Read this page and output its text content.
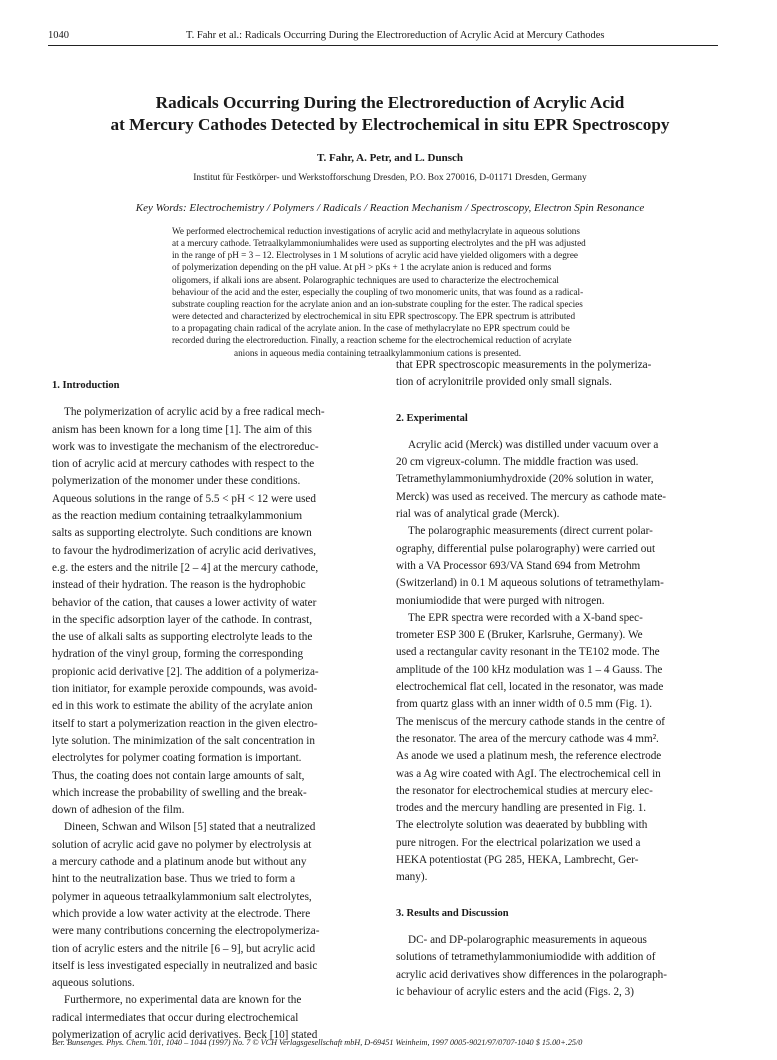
1040	T. Fahr et al.: Radicals Occurring During the Electroreduction of Acrylic Acid at Mercury Cathodes
Radicals Occurring During the Electroreduction of Acrylic Acid
at Mercury Cathodes Detected by Electrochemical in situ EPR Spectroscopy
T. Fahr, A. Petr, and L. Dunsch
Institut für Festkörper- und Werkstofforschung Dresden, P.O. Box 270016, D-01171 Dresden, Germany
Key Words: Electrochemistry / Polymers / Radicals / Reaction Mechanism / Spectroscopy, Electron Spin Resonance
We performed electrochemical reduction investigations of acrylic acid and methylacrylate in aqueous solutions
at a mercury cathode. Tetraalkylammoniumhalides were used as supporting electrolytes and the pH was adjusted
in the range of pH = 3 – 12. Electrolyses in 1 M solutions of acrylic acid have yielded oligomers with a degree
of polymerization depending on the pH value. At pH > pKs + 1 the acrylate anion is reduced and forms
oligomers, if alkali ions are absent. Polarographic techniques are used to characterize the electrochemical
behaviour of the acid and the ester, especially the coupling of two monomeric units, that was found as a radical-
substrate coupling reaction for the acrylate anion and an ion-substrate coupling for the ester. The radical species
were detected and characterized by electrochemical in situ EPR spectroscopy. The EPR spectrum is attributed
to a propagating chain radical of the acrylate anion. In the case of methylacrylate no EPR spectrum could be
recorded during the electroreduction. Finally, a reaction scheme for the electrochemical reduction of acrylate
anions in aqueous media containing tetraalkylammonium cations is presented.
1. Introduction
The polymerization of acrylic acid by a free radical mech-
anism has been known for a long time [1]. The aim of this
work was to investigate the mechanism of the electroreduc-
tion of acrylic acid at mercury cathodes with respect to the
polymerization of the monomer under these conditions.
Aqueous solutions in the range of 5.5 < pH < 12 were used
as the reaction medium containing tetraalkylammonium
salts as supporting electrolyte. Such conditions are known
to favour the hydrodimerization of acrylic acid derivatives,
e.g. the esters and the nitrile [2 – 4] at the mercury cathode,
instead of their hydration. The reason is the hydrophobic
behavior of the cation, that causes a lower activity of water
in the specific adsorption layer of the cathode. In contrast,
the use of alkali salts as supporting electrolyte leads to the
hydration of the vinyl group, forming the corresponding
propionic acid derivative [2]. The addition of a polymeriza-
tion initiator, for example peroxide compounds, was avoid-
ed in this work to estimate the ability of the acrylate anion
itself to start a polymerization reaction in the given electro-
lyte solution. The minimization of the salt concentration in
electrolytes for polymer coating formation is important.
Thus, the coating does not contain large amounts of salt,
which increase the probability of swelling and the break-
down of adhesion of the film.
Dineen, Schwan and Wilson [5] stated that a neutralized
solution of acrylic acid gave no polymer by electrolysis at
a mercury cathode and a platinum anode but without any
hint to the neutralization base. Thus we tried to form a
polymer in aqueous tetraalkylammonium salt electrolytes,
which provide a low water activity at the electrode. There
were many contributions concerning the electropolymeriza-
tion of acrylic esters and the nitrile [6 – 9], but acrylic acid
itself is less investigated especially in neutralized and basic
aqueous solutions.
Furthermore, no experimental data are known for the
radical intermediates that occur during electrochemical
polymerization of acrylic acid derivatives. Beck [10] stated
that EPR spectroscopic measurements in the polymeriza-
tion of acrylonitrile provided only small signals.
2. Experimental
Acrylic acid (Merck) was distilled under vacuum over a
20 cm vigreux-column. The middle fraction was used.
Tetramethylammoniumhydroxide (20% solution in water,
Merck) was used as received. The mercury as cathode mate-
rial was of analytical grade (Merck).
The polarographic measurements (direct current polar-
ography, differential pulse polarography) were carried out
with a VA Processor 693/VA Stand 694 from Metrohm
(Switzerland) in 0.1 M aqueous solutions of tetramethylam-
moniumiodide that were purged with nitrogen.
The EPR spectra were recorded with a X-band spec-
trometer ESP 300 E (Bruker, Karlsruhe, Germany). We
used a rectangular cavity resonant in the TE102 mode. The
amplitude of the 100 kHz modulation was 1 – 4 Gauss. The
electrochemical flat cell, located in the resonator, was made
from quartz glass with an inner width of 0.5 mm (Fig. 1).
The meniscus of the mercury cathode stands in the centre of
the resonator. The area of the mercury cathode was 4 mm².
As anode we used a platinum mesh, the reference electrode
was a Ag wire coated with AgI. The electrochemical cell in
the resonator for electrochemical studies at mercury elec-
trodes and the mercury handling are presented in Fig. 1.
The electrolyte solution was deaerated by bubbling with
pure nitrogen. For the electrical polarization we used a
HEKA potentiostat (PG 285, HEKA, Lambrecht, Ger-
many).
3. Results and Discussion
DC- and DP-polarographic measurements in aqueous
solutions of tetramethylammoniumiodide with addition of
acrylic acid derivatives show differences in the polarograph-
ic behaviour of acrylic esters and the acid (Figs. 2, 3)
Ber. Bunsenges. Phys. Chem. 101, 1040 – 1044 (1997) No. 7 © VCH Verlagsgesellschaft mbH, D-69451 Weinheim, 1997 0005-9021/97/0707-1040 $ 15.00+.25/0
